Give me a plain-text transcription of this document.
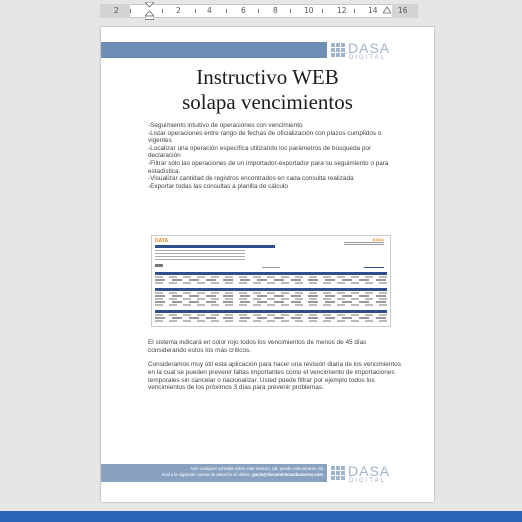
2	2	4	6	8	10	12	14	16
DASA
DIGITAL
Instructivo WEB
solapa vencimientos
-Seguimiento intuitivo de operaciones con vencimiento
-Listar operaciones entre rango de fechas de oficialización con plazos cumplidos o vigentes
-Localizar una operación específica utilizando los parámetros de búsqueda por declaración
-Filtrar sólo las operaciones de un importador-exportador para su seguimiento o para estadística.
-Visualizar cantidad de registros encontrados en cada consulta realizada
-Exportar todas las consultas a planilla de cálculo
DATA	DASA
El sistema indicará en color rojo todos los vencimientos de menos de 45 días considerando estos los más críticos.
Consideramos muy útil esta aplicación para hacer una revisión diaria de los vencimientos en la cual se pueden prevenir faltas importantes como el vencimiento de importaciones temporales sin cancelar o nacionalizar. Usted puede filtrar por ejemplo todos los vencimientos de los próximos 3 días para prevenir problemas.
Ante cualquier consulta sobre este servicio, Ud. puede comunicarse vía
mail a la siguiente cuenta de atención al cliente: ganis@documentosaduaneros.com DASA
DIGITAL
